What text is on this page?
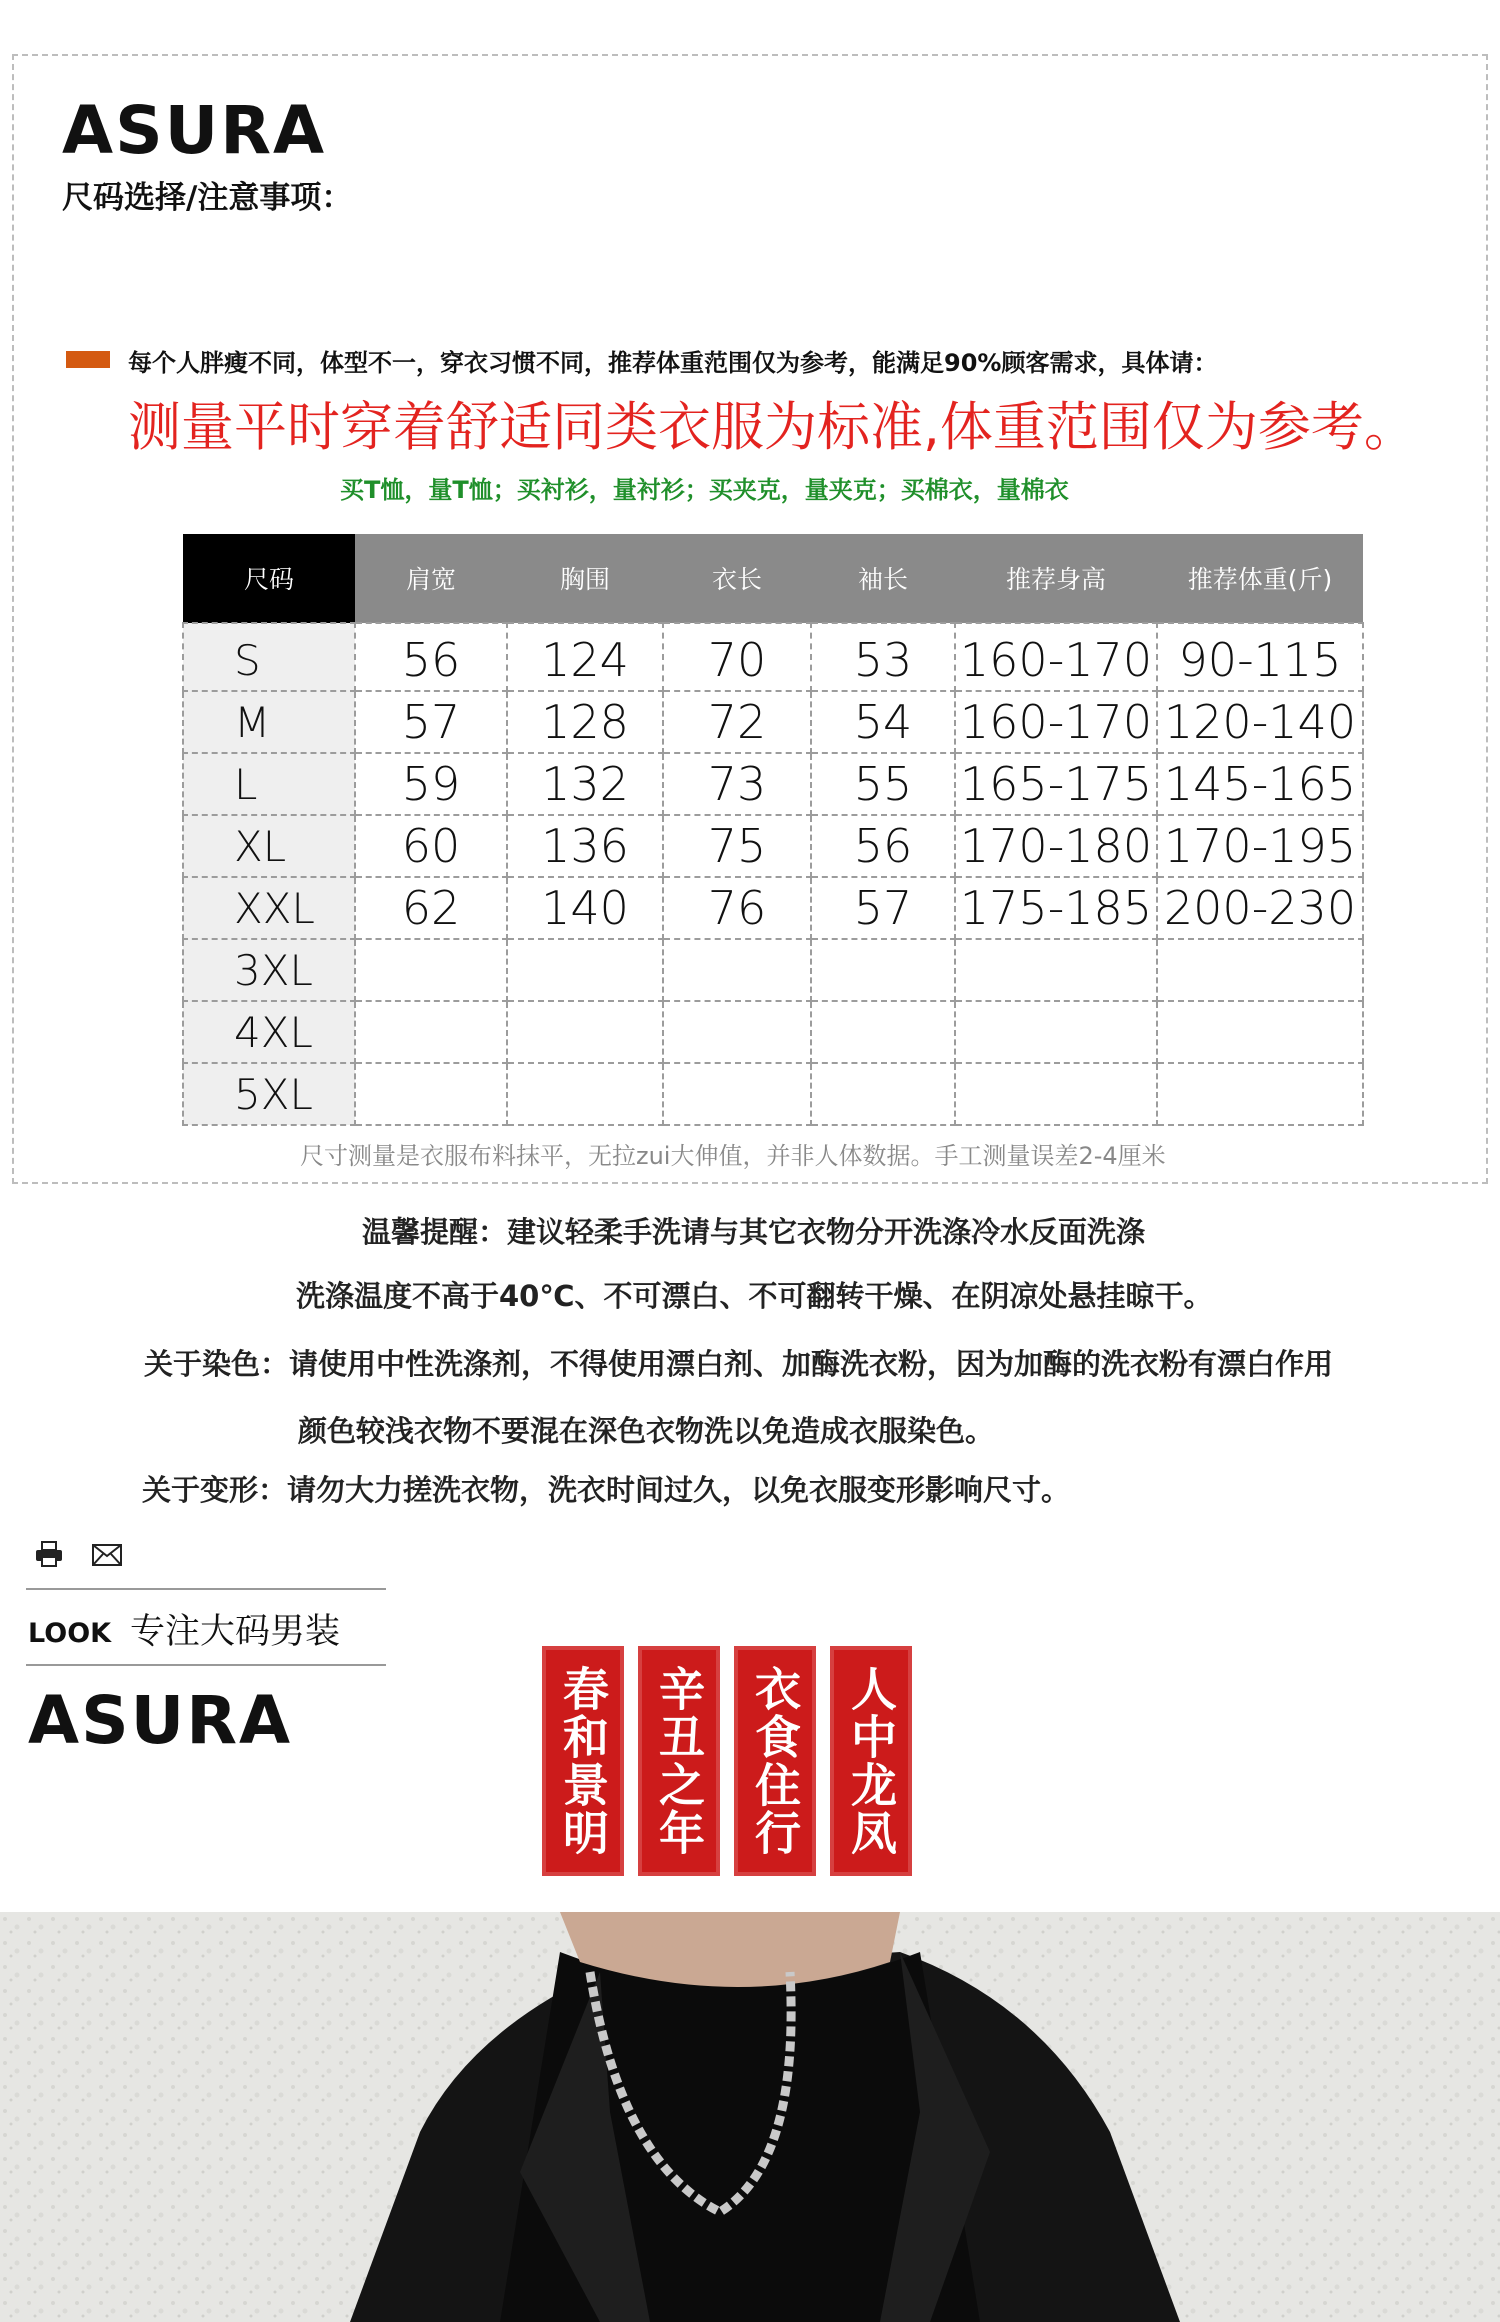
ASURA
尺码选择/注意事项：
每个人胖瘦不同，体型不一，穿衣习惯不同，推荐体重范围仅为参考，能满足90%顾客需求，具体请：
测量平时穿着舒适同类衣服为标准,体重范围仅为参考。
买T恤，量T恤；买衬衫，量衬衫；买夹克，量夹克；买棉衣，量棉衣
尺码	肩宽	胸围	衣长	袖长	推荐身高	推荐体重(斤)
S	56	124	70	53	160-170	90-115
M	57	128	72	54	160-170	120-140
L	59	132	73	55	165-175	145-165
XL	60	136	75	56	170-180	170-195
XXL	62	140	76	57	175-185	200-230
3XL						
4XL						
5XL						
尺寸测量是衣服布料抹平，无拉zui大伸值，并非人体数据。手工测量误差2-4厘米
温馨提醒：建议轻柔手洗请与其它衣物分开洗涤冷水反面洗涤
洗涤温度不高于40℃、不可漂白、不可翻转干燥、在阴凉处悬挂晾干。
关于染色：请使用中性洗涤剂，不得使用漂白剂、加酶洗衣粉，因为加酶的洗衣粉有漂白作用
颜色较浅衣物不要混在深色衣物洗以免造成衣服染色。
关于变形：请勿大力搓洗衣物，洗衣时间过久，以免衣服变形影响尺寸。
LOOK 专注大码男装
ASURA	春和景明 辛丑之年 衣食住行 人中龙凤
